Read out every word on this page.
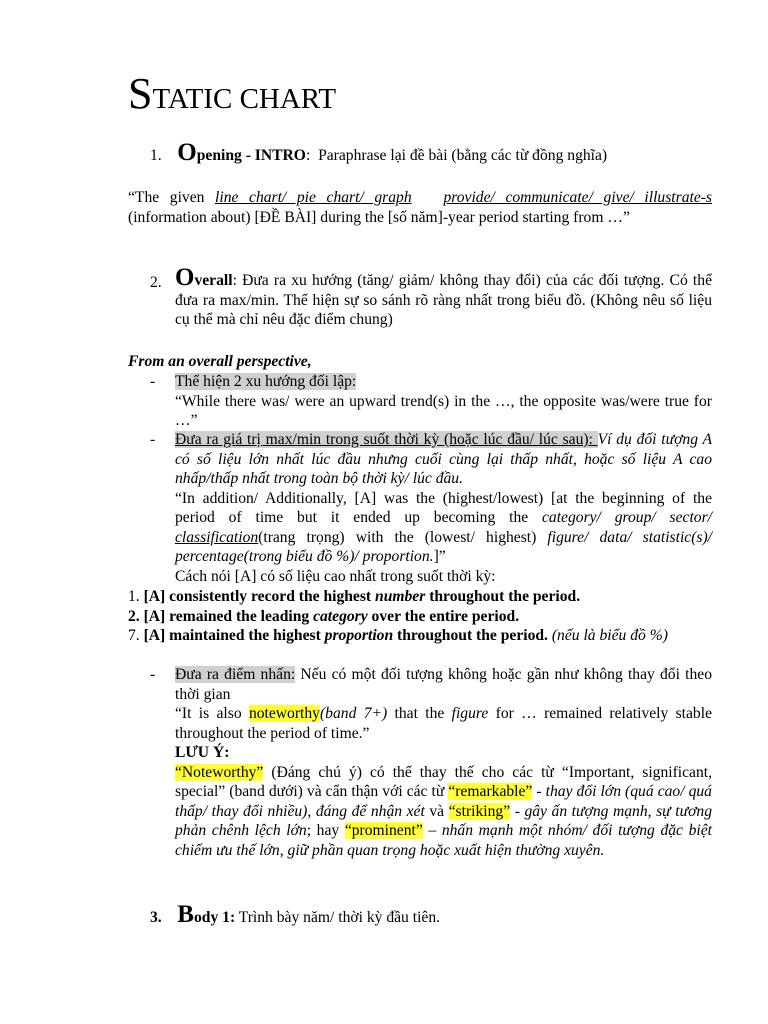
STATIC CHART
1. Opening - INTRO: Paraphrase lại đề bài (bằng các từ đồng nghĩa)
“The given line chart/ pie chart/ graph provide/ communicate/ give/ illustrate-s (information about) [ĐỀ BÀI] during the [số năm]-year period starting from …”
2. Overall: Đưa ra xu hướng (tăng/ giảm/ không thay đổi) của các đối tượng. Có thể đưa ra max/min. Thể hiện sự so sánh rõ ràng nhất trong biểu đồ. (Không nêu số liệu cụ thể mà chỉ nêu đặc điểm chung)
From an overall perspective,
- Thể hiện 2 xu hướng đối lập:
“While there was/ were an upward trend(s) in the …, the opposite was/were true for …”
- Đưa ra giá trị max/min trong suốt thời kỳ (hoặc lúc đầu/ lúc sau): Ví dụ đối tượng A có số liệu lớn nhất lúc đầu nhưng cuối cùng lại thấp nhất, hoặc số liệu A cao nhấp/thấp nhất trong toàn bộ thời kỳ/ lúc đầu.
“In addition/ Additionally, [A] was the (highest/lowest) [at the beginning of the period of time but it ended up becoming the category/ group/ sector/ classification(trang trọng) with the (lowest/ highest) figure/ data/ statistic(s)/ percentage(trong biểu đồ %)/ proportion.]”
Cách nói [A] có số liệu cao nhất trong suốt thời kỳ:
1. [A] consistently record the highest number throughout the period.
2. [A] remained the leading category over the entire period.
7. [A] maintained the highest proportion throughout the period. (nếu là biểu đồ %)
- Đưa ra điểm nhấn: Nếu có một đối tượng không hoặc gần như không thay đổi theo thời gian
“It is also noteworthy(band 7+) that the figure for … remained relatively stable throughout the period of time.”
LƯU Ý:
“Noteworthy” (Đáng chú ý) có thể thay thế cho các từ “Important, significant, special” (band dưới) và cẩn thận với các từ “remarkable” - thay đổi lớn (quá cao/ quá thấp/ thay đổi nhiều), đáng để nhận xét và “striking” - gây ấn tượng mạnh, sự tương phản chênh lệch lớn; hay “prominent” – nhấn mạnh một nhóm/ đối tượng đặc biệt chiếm ưu thế lớn, giữ phần quan trọng hoặc xuất hiện thường xuyên.
3. Body 1: Trình bày năm/ thời kỳ đầu tiên.
